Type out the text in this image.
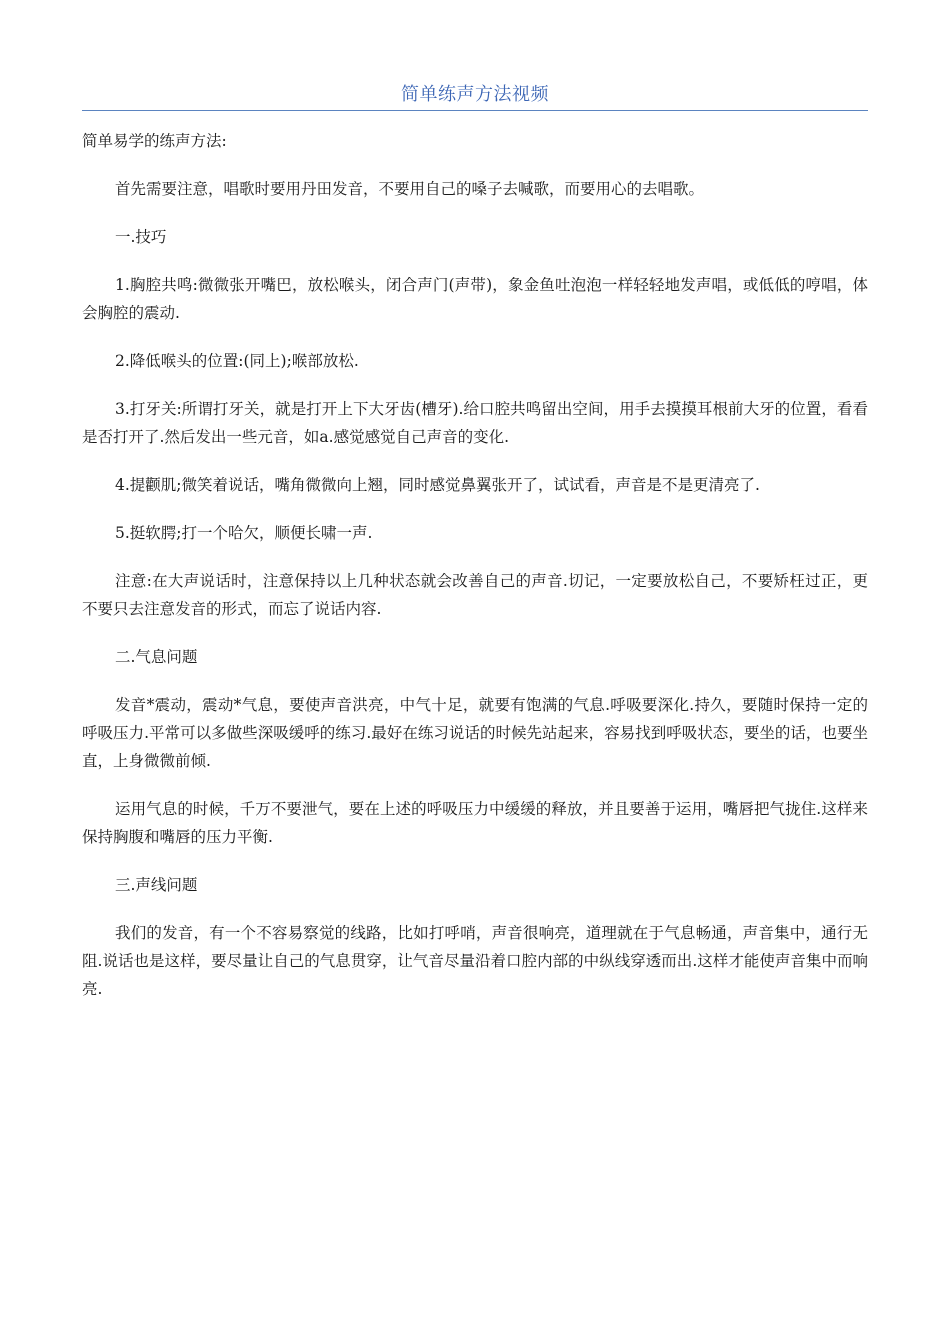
简单练声方法视频

简单易学的练声方法:

首先需要注意，唱歌时要用丹田发音，不要用自己的嗓子去喊歌，而要用心的去唱歌。

一.技巧

1.胸腔共鸣:微微张开嘴巴，放松喉头，闭合声门(声带)，象金鱼吐泡泡一样轻轻地发声唱，或低低的哼唱，体会胸腔的震动.

2.降低喉头的位置:(同上);喉部放松.

3.打牙关:所谓打牙关，就是打开上下大牙齿(槽牙).给口腔共鸣留出空间，用手去摸摸耳根前大牙的位置，看看是否打开了.然后发出一些元音，如a.感觉感觉自己声音的变化.

4.提颧肌;微笑着说话，嘴角微微向上翘，同时感觉鼻翼张开了，试试看，声音是不是更清亮了.

5.挺软腭;打一个哈欠，顺便长啸一声.

注意:在大声说话时，注意保持以上几种状态就会改善自己的声音.切记，一定要放松自己，不要矫枉过正，更不要只去注意发音的形式，而忘了说话内容.

二.气息问题

发音*震动，震动*气息，要使声音洪亮，中气十足，就要有饱满的气息.呼吸要深化.持久，要随时保持一定的呼吸压力.平常可以多做些深吸缓呼的练习.最好在练习说话的时候先站起来，容易找到呼吸状态，要坐的话，也要坐直，上身微微前倾.

运用气息的时候，千万不要泄气，要在上述的呼吸压力中缓缓的释放，并且要善于运用，嘴唇把气拢住.这样来保持胸腹和嘴唇的压力平衡.

三.声线问题

我们的发音，有一个不容易察觉的线路，比如打呼哨，声音很响亮，道理就在于气息畅通，声音集中，通行无阻.说话也是这样，要尽量让自己的气息贯穿，让气音尽量沿着口腔内部的中纵线穿透而出.这样才能使声音集中而响亮.
